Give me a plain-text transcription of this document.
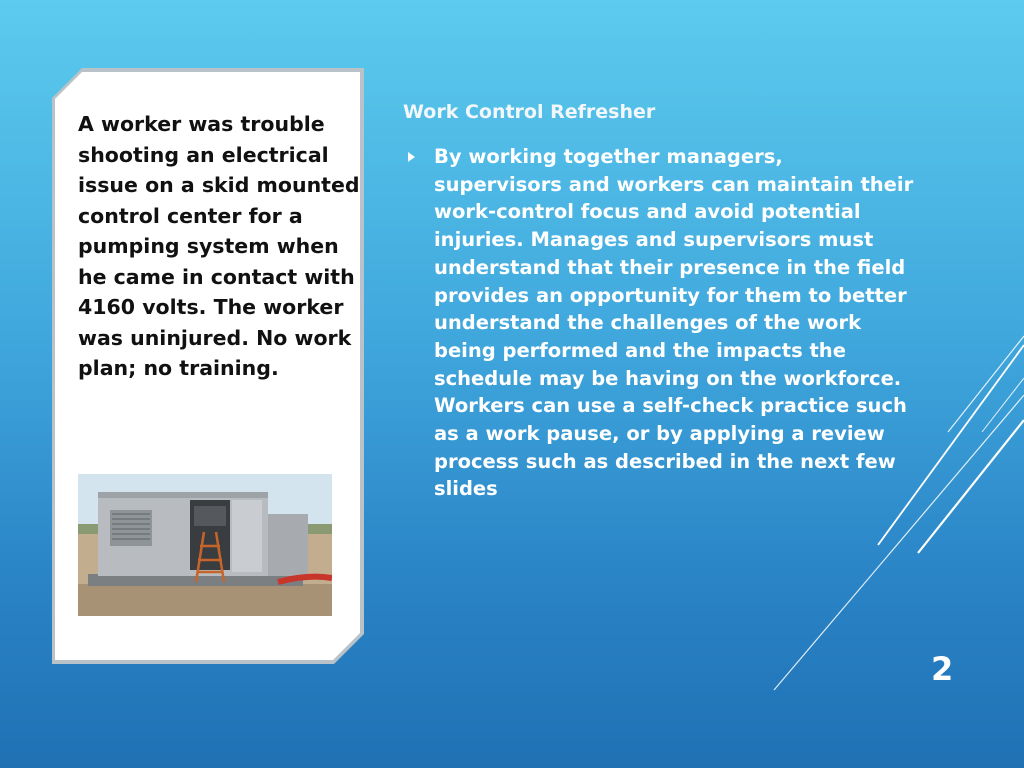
A worker was trouble shooting an electrical issue on a skid mounted control center for a pumping system when he came in contact with 4160 volts. The worker was uninjured. No work plan; no training.

Work Control Refresher

By working together managers, supervisors and workers can maintain their work-control focus and avoid potential injuries. Manages and supervisors must understand that their presence in the field provides an opportunity for them to better understand the challenges of the work being performed and the impacts the schedule may be having on the workforce. Workers can use a self-check practice such as a work pause, or by applying a review process such as described in the next few slides

2
